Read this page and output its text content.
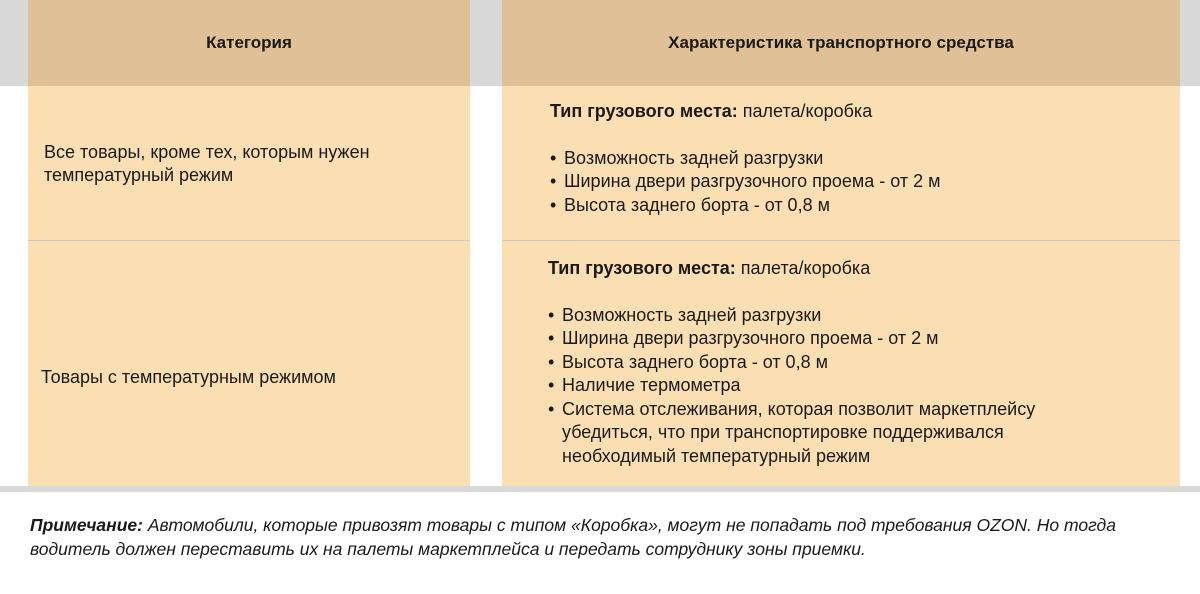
Категория	Характеристика транспортного средства
Все товары, кроме тех, которым нужен температурный режим
Тип грузового места: палета/коробка
• Возможность задней разгрузки
• Ширина двери разгрузочного проема - от 2 м
• Высота заднего борта - от 0,8 м
Товары с температурным режимом
Тип грузового места: палета/коробка
• Возможность задней разгрузки
• Ширина двери разгрузочного проема - от 2 м
• Высота заднего борта - от 0,8 м
• Наличие термометра
• Система отслеживания, которая позволит маркетплейсу убедиться, что при транспортировке поддерживался необходимый температурный режим
Примечание: Автомобили, которые привозят товары с типом «Коробка», могут не попадать под требования OZON. Но тогда водитель должен переставить их на палеты маркетплейса и передать сотруднику зоны приемки.
